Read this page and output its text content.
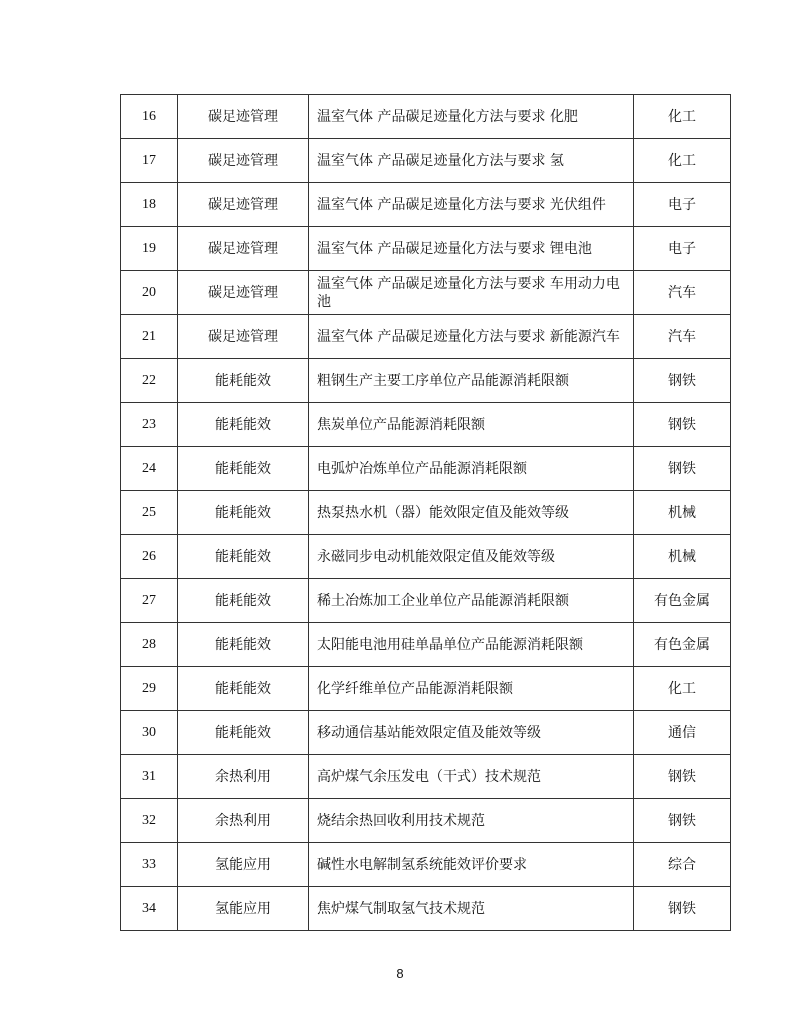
16	碳足迹管理	温室气体 产品碳足迹量化方法与要求 化肥	化工
17	碳足迹管理	温室气体 产品碳足迹量化方法与要求 氢	化工
18	碳足迹管理	温室气体 产品碳足迹量化方法与要求 光伏组件	电子
19	碳足迹管理	温室气体 产品碳足迹量化方法与要求 锂电池	电子
20	碳足迹管理	温室气体 产品碳足迹量化方法与要求 车用动力电池	汽车
21	碳足迹管理	温室气体 产品碳足迹量化方法与要求 新能源汽车	汽车
22	能耗能效	粗钢生产主要工序单位产品能源消耗限额	钢铁
23	能耗能效	焦炭单位产品能源消耗限额	钢铁
24	能耗能效	电弧炉冶炼单位产品能源消耗限额	钢铁
25	能耗能效	热泵热水机（器）能效限定值及能效等级	机械
26	能耗能效	永磁同步电动机能效限定值及能效等级	机械
27	能耗能效	稀土冶炼加工企业单位产品能源消耗限额	有色金属
28	能耗能效	太阳能电池用硅单晶单位产品能源消耗限额	有色金属
29	能耗能效	化学纤维单位产品能源消耗限额	化工
30	能耗能效	移动通信基站能效限定值及能效等级	通信
31	余热利用	高炉煤气余压发电（干式）技术规范	钢铁
32	余热利用	烧结余热回收利用技术规范	钢铁
33	氢能应用	碱性水电解制氢系统能效评价要求	综合
34	氢能应用	焦炉煤气制取氢气技术规范	钢铁
8
